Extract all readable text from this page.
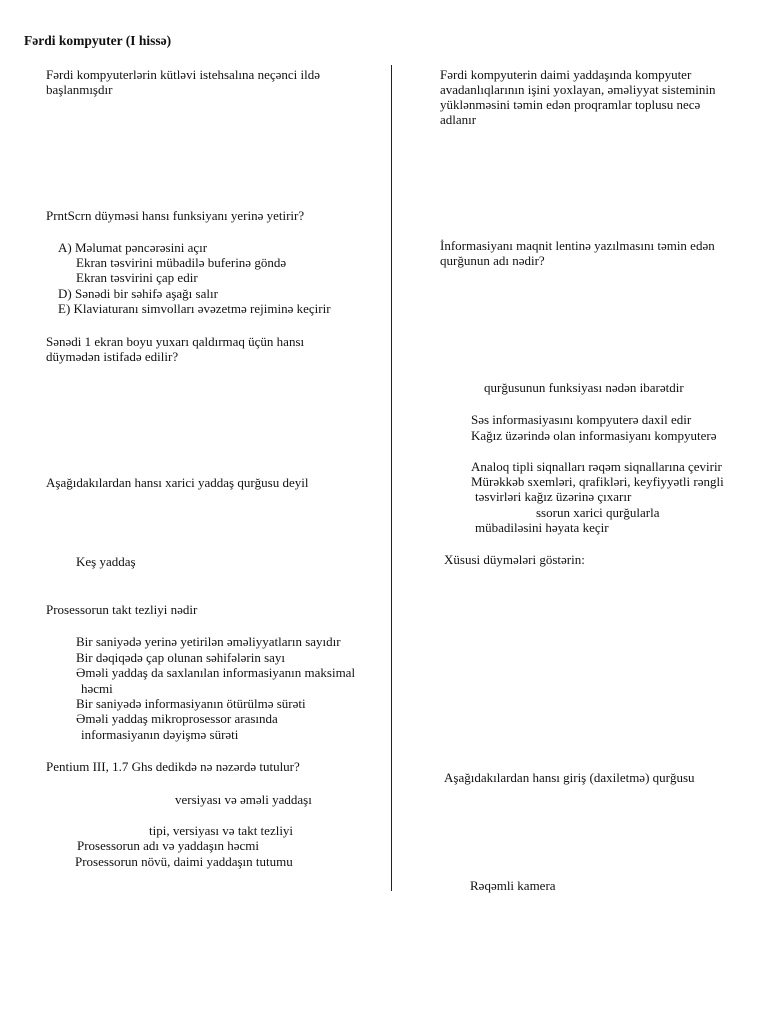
Fərdi kompyuter (I hissə)
Fərdi kompyuterlərin kütləvi istehsalına neçənci ildə
başlanmışdır
PrntScrn düyməsi hansı funksiyanı yerinə yetirir?
A) Məlumat pəncərəsini açır
Ekran təsvirini mübadilə buferinə göndə
Ekran təsvirini çap edir
D) Sənədi bir səhifə aşağı salır
E) Klaviaturanı simvolları əvəzetmə rejiminə keçirir
Sənədi 1 ekran boyu yuxarı qaldırmaq üçün hansı
düymədən istifadə edilir?
Aşağıdakılardan hansı xarici yaddaş qurğusu deyil
Keş yaddaş
Prosessorun takt tezliyi nədir
Bir saniyədə yerinə yetirilən əməliyyatların sayıdır
Bir dəqiqədə çap olunan səhifələrin sayı
Əməli yaddaş da saxlanılan informasiyanın maksimal
həcmi
Bir saniyədə informasiyanın ötürülmə sürəti
Əməli yaddaş mikroprosessor arasında
informasiyanın dəyişmə sürəti
Pentium III, 1.7 Ghs dedikdə nə nəzərdə tutulur?
versiyası və əməli yaddaşı
tipi, versiyası və takt tezliyi
Prosessorun adı və yaddaşın həcmi
Prosessorun növü, daimi yaddaşın tutumu
Fərdi kompyuterin daimi yaddaşında kompyuter
avadanlıqlarının işini yoxlayan, əməliyyat sisteminin
yüklənməsini təmin edən proqramlar toplusu necə
adlanır
İnformasiyanı maqnit lentinə yazılmasını təmin edən
qurğunun adı nədir?
qurğusunun funksiyası nədən ibarətdir
Səs informasiyasını kompyuterə daxil edir
Kağız üzərində olan informasiyanı kompyuterə
Analoq tipli siqnalları rəqəm siqnallarına çevirir
Mürəkkəb sxemləri, qrafikləri, keyfiyyətli rəngli
təsvirləri kağız üzərinə çıxarır
ssorun xarici qurğularla
mübadiləsini həyata keçir
Xüsusi düymələri göstərin:
Aşağıdakılardan hansı giriş (daxiletmə) qurğusu
Rəqəmli kamera
